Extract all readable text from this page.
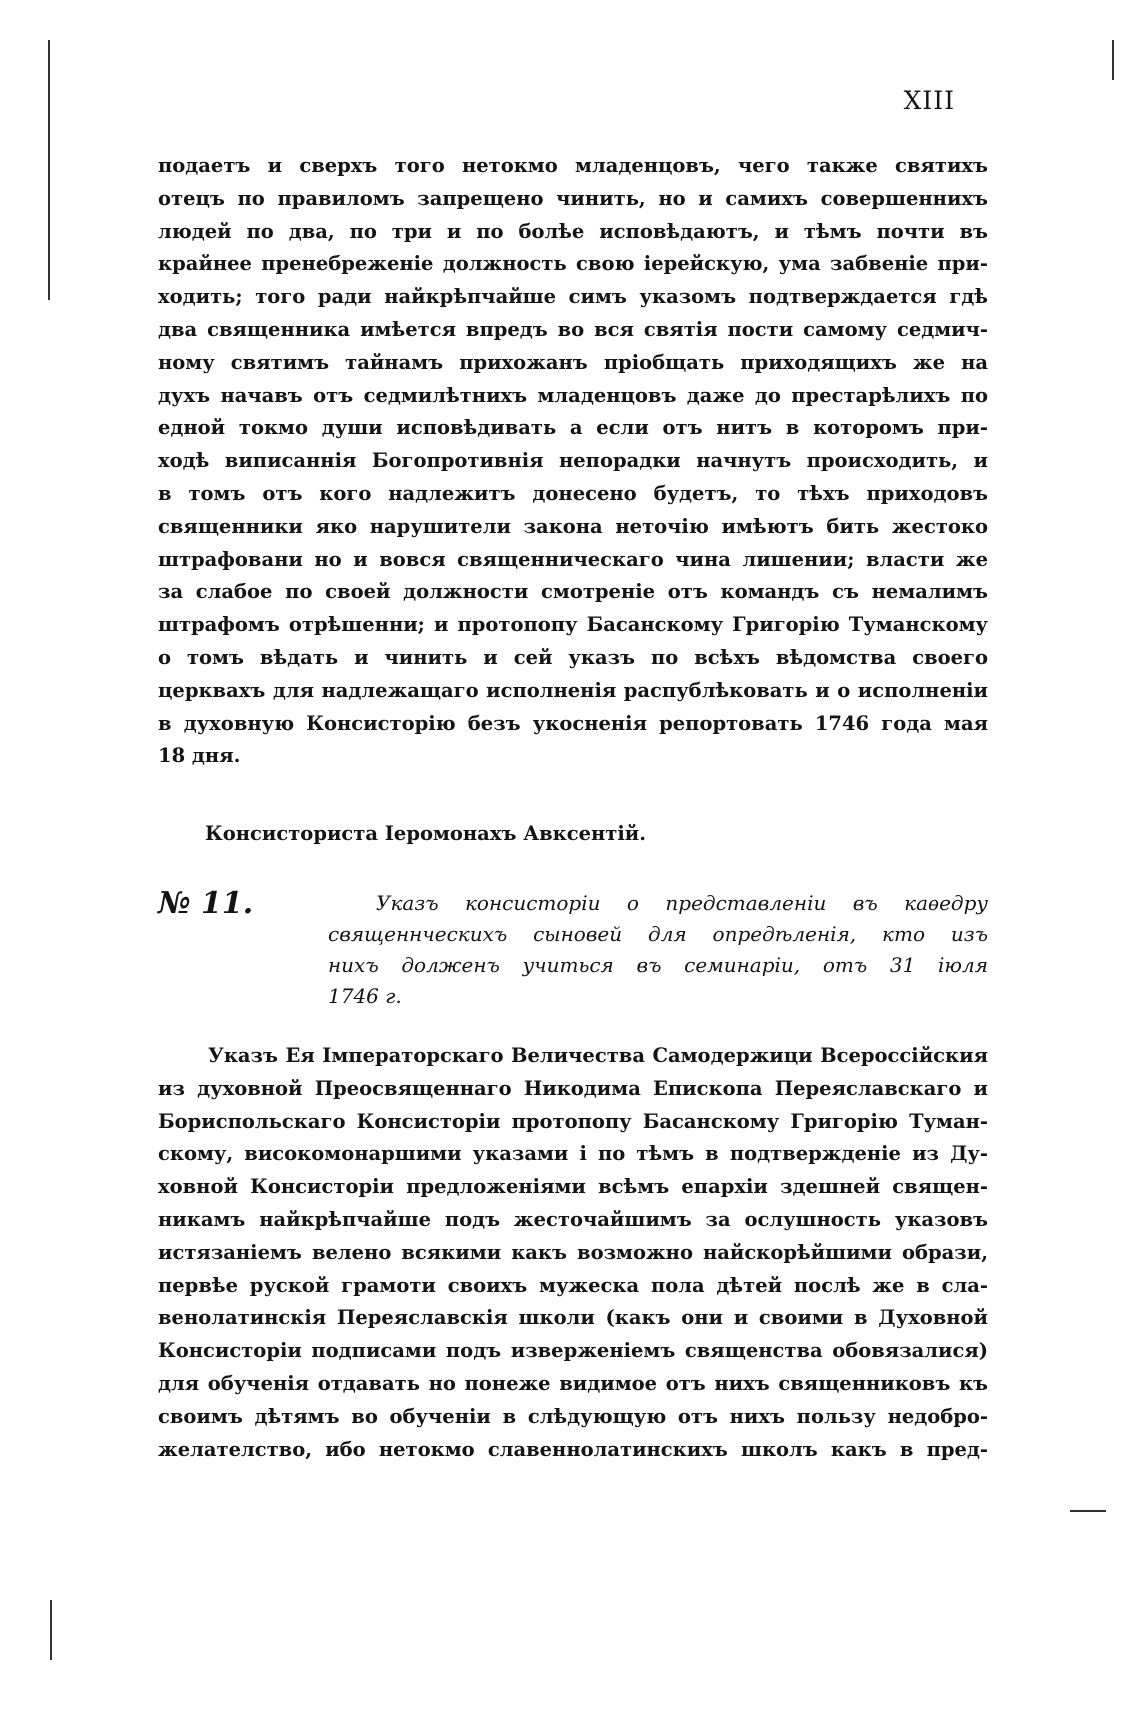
XIII
подаетъ и сверхъ того нетокмо младенцовъ, чего также святихъ
отецъ по правиломъ запрещено чинить, но и самихъ совершеннихъ
людей по два, по три и по болѣе исповѣдаютъ, и тѣмъ почти въ
крайнее пренебреженіе должность свою іерейскую, ума забвеніе при-
ходить; того ради найкрѣпчайше симъ указомъ подтверждается гдѣ
два священника имѣется впредъ во вся святія пости самому седмич-
ному святимъ тайнамъ прихожанъ пріобщать приходящихъ же на
духъ начавъ отъ седмилѣтнихъ младенцовъ даже до престарѣлихъ по
едной токмо души исповѣдивать а если отъ нитъ в которомъ при-
ходѣ виписаннія Богопротивнія непорадки начнутъ проиcходить, и
в томъ отъ кого надлежитъ донесено будетъ, то тѣхъ приходовъ
священники яко нарушители закона неточію имѣютъ бить жестоко
штрафовани но и вовся священническаго чина лишении; власти же
за слабое по своей должности смотреніе отъ командъ съ немалимъ
штрафомъ отрѣшенни; и протопопу Басанскому Григорію Туманскому
о томъ вѣдать и чинить и сей указъ по всѣхъ вѣдомства своего
церквахъ для надлежащаго исполненія распублѣковать и о исполненіи
в духовную Консисторію безъ укосненія репортовать 1746 года мая
18 дня.
Консисториста Іеромонахъ Авксентій.
№ 11.	Указъ консисторіи о представленіи въ каѳедру
священнческихъ сыновей для опредѣленія, кто изъ
нихъ долженъ учиться въ семинаріи, отъ 31 іюля
1746 г.
Указъ Ея Імператорскаго Величества Самодержици Всероссійския
из духовной Преосвященнаго Никодима Епископа Переяславскаго и
Бориспольскаго Консисторіи протопопу Басанскому Григорію Туман-
скому, високомонаршими указами і по тѣмъ в подтвержденіе из Ду-
ховной Консисторіи предложеніями всѣмъ епархіи здешней священ-
никамъ найкрѣпчайше подъ жесточайшимъ за ослушность указовъ
истязаніемъ велено всякими какъ возможно найскорѣйшими образи,
первѣе руской грамоти своихъ мужеска пола дѣтей послѣ же в сла-
венолатинскія Переяславскія школи (какъ они и своими в Духовной
Консисторіи подписами подъ изверженіемъ священства обовязалися)
для обученія отдавать но понеже видимое отъ нихъ священниковъ къ
своимъ дѣтямъ во обученіи в слѣдующую отъ нихъ пользу недобро-
желателство, ибо нетокмо славеннолатинскихъ школъ какъ в пред-
